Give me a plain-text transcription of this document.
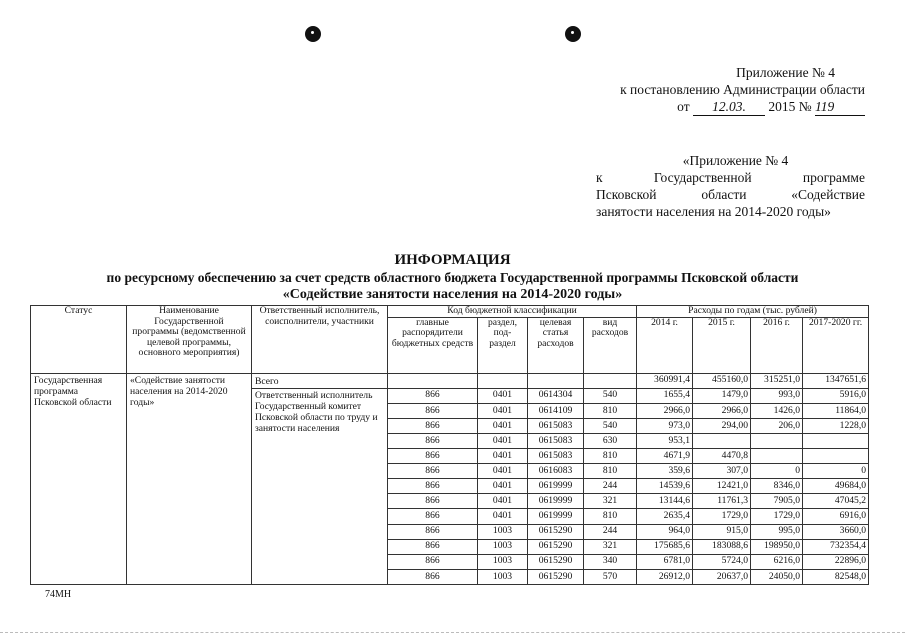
Приложение № 4
к постановлению Администрации области
от 12.03. 2015 № 119
«Приложение № 4
к	Государственной	программе
Псковской	области	«Содействие
занятости населения на 2014-2020 годы»
ИНФОРМАЦИЯ
по ресурсному обеспечению за счет средств областного бюджета Государственной программы Псковской области
«Содействие занятости населения на 2014-2020 годы»
Статус	Наименование Государственной программы (ведомственной целевой программы, основного мероприятия)	Ответственный исполнитель, соисполнители, участники	Код бюджетной классификации				Расходы по годам (тыс. рублей)			
			главные распорядители бюджетных средств	раздел, под-раздел	целевая статья расходов	вид расходов	2014 г.	2015 г.	2016 г.	2017-2020 гг.
Государственная программа Псковской области	«Содействие занятости населения на 2014-2020 годы»	Всего					360991,4	455160,0	315251,0	1347651,6
		Ответственный исполнитель Государственный комитет Псковской области по труду и занятости населения	866	0401	0614304	540	1655,4	1479,0	993,0	5916,0
			866	0401	0614109	810	2966,0	2966,0	1426,0	11864,0
			866	0401	0615083	540	973,0	294,00	206,0	1228,0
			866	0401	0615083	630	953,1			
			866	0401	0615083	810	4671,9	4470,8		
			866	0401	0616083	810	359,6	307,0	0	0
			866	0401	0619999	244	14539,6	12421,0	8346,0	49684,0
			866	0401	0619999	321	13144,6	11761,3	7905,0	47045,2
			866	0401	0619999	810	2635,4	1729,0	1729,0	6916,0
			866	1003	0615290	244	964,0	915,0	995,0	3660,0
			866	1003	0615290	321	175685,6	183088,6	198950,0	732354,4
			866	1003	0615290	340	6781,0	5724,0	6216,0	22896,0
			866	1003	0615290	570	26912,0	20637,0	24050,0	82548,0
74МН
